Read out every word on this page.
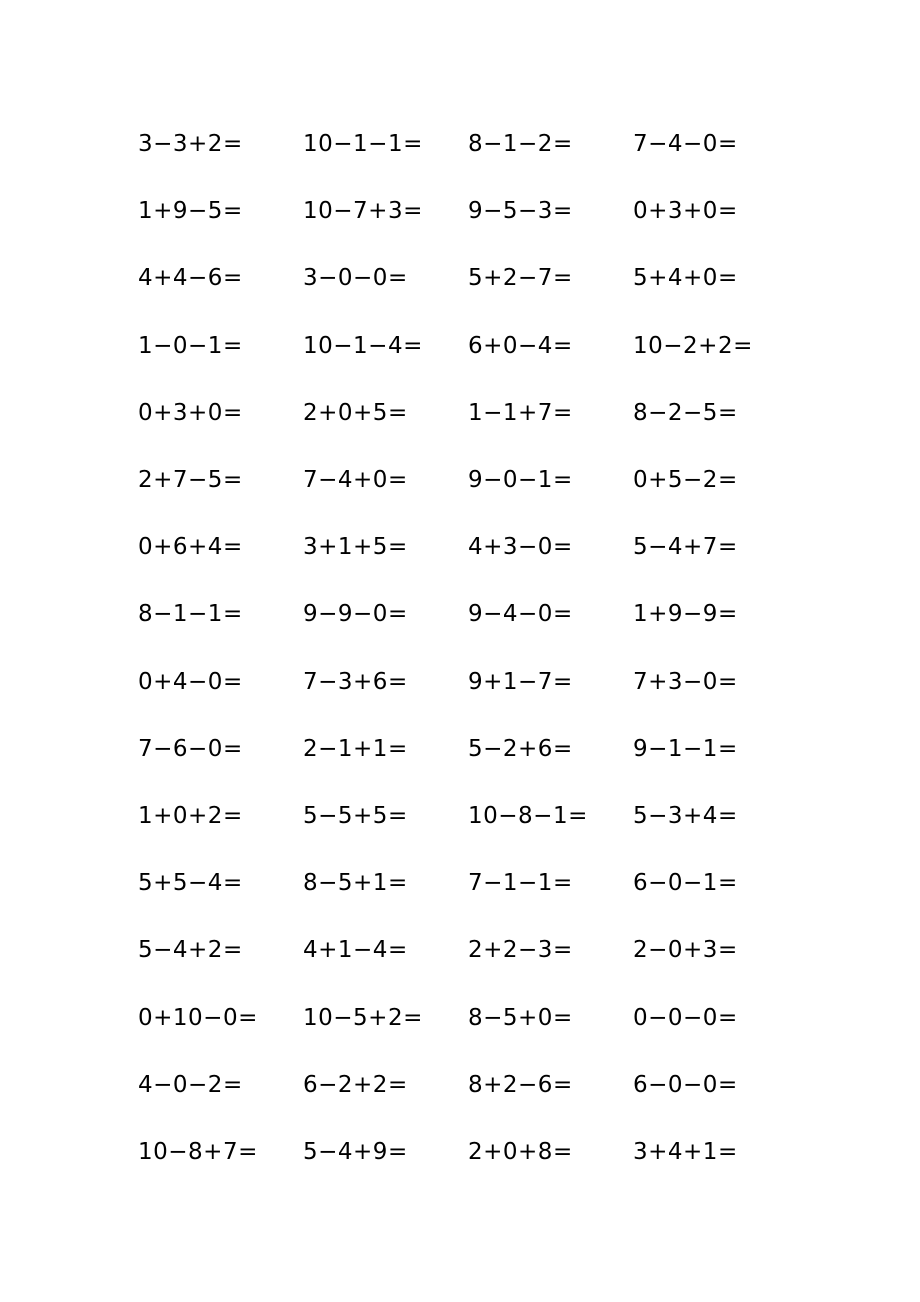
3−3+2=	10−1−1=	8−1−2=	7−4−0=
1+9−5=	10−7+3=	9−5−3=	0+3+0=
4+4−6=	3−0−0=	5+2−7=	5+4+0=
1−0−1=	10−1−4=	6+0−4=	10−2+2=
0+3+0=	2+0+5=	1−1+7=	8−2−5=
2+7−5=	7−4+0=	9−0−1=	0+5−2=
0+6+4=	3+1+5=	4+3−0=	5−4+7=
8−1−1=	9−9−0=	9−4−0=	1+9−9=
0+4−0=	7−3+6=	9+1−7=	7+3−0=
7−6−0=	2−1+1=	5−2+6=	9−1−1=
1+0+2=	5−5+5=	10−8−1=	5−3+4=
5+5−4=	8−5+1=	7−1−1=	6−0−1=
5−4+2=	4+1−4=	2+2−3=	2−0+3=
0+10−0=	10−5+2=	8−5+0=	0−0−0=
4−0−2=	6−2+2=	8+2−6=	6−0−0=
10−8+7=	5−4+9=	2+0+8=	3+4+1=
